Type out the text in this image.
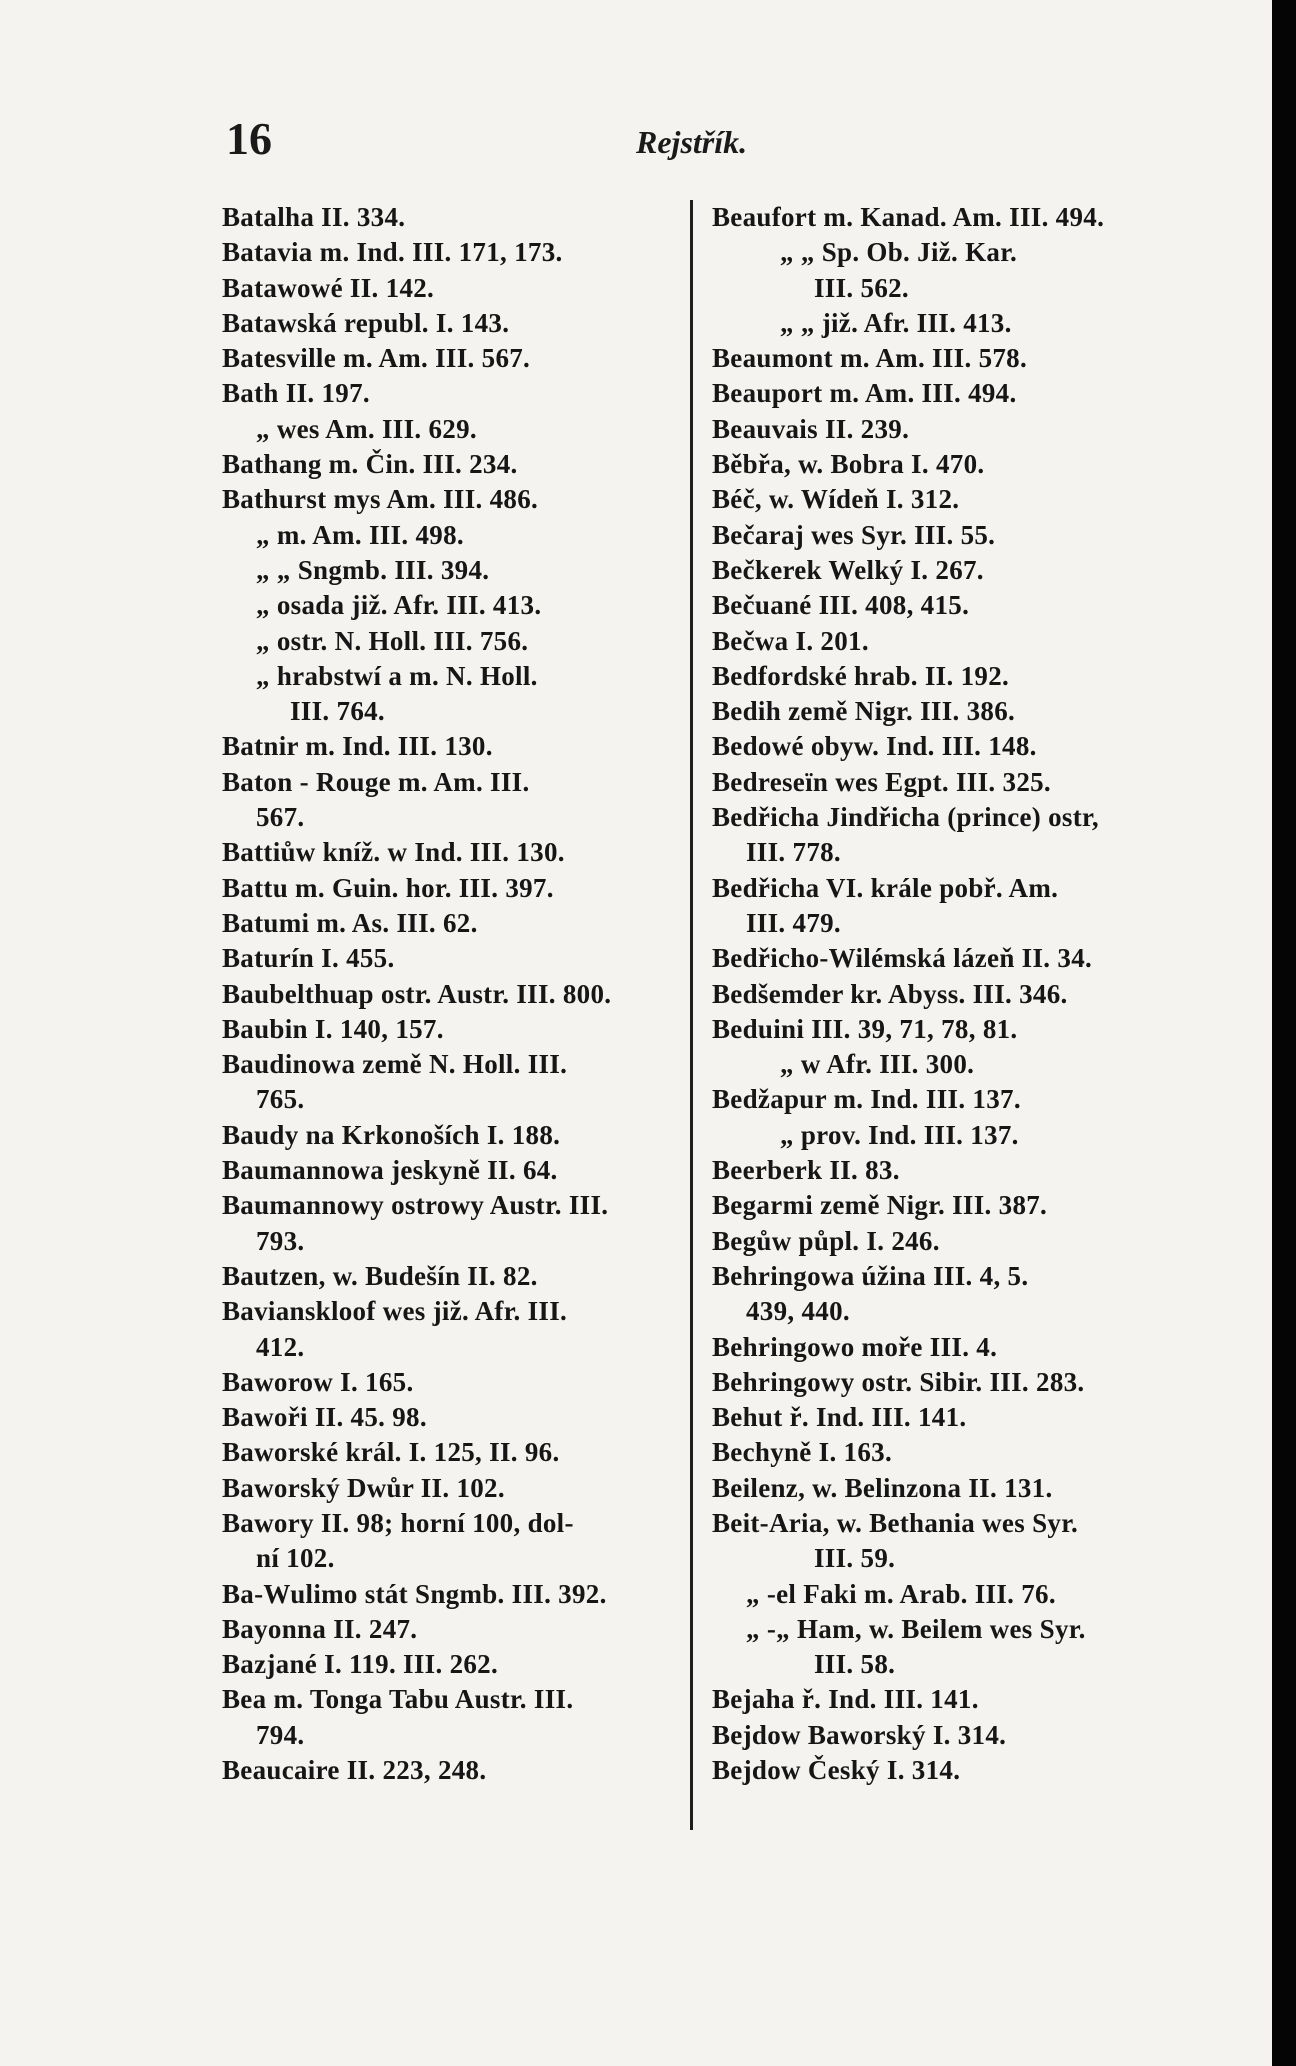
16	Rejstřík.
Batalha II. 334.
Batavia m. Ind. III. 171, 173.
Batawowé II. 142.
Batawská republ. I. 143.
Batesville m. Am. III. 567.
Bath II. 197.
„ wes Am. III. 629.
Bathang m. Čin. III. 234.
Bathurst mys Am. III. 486.
„ m. Am. III. 498.
„ „ Sngmb. III. 394.
„ osada již. Afr. III. 413.
„ ostr. N. Holl. III. 756.
„ hrabstwí a m. N. Holl.
III. 764.
Batnir m. Ind. III. 130.
Baton - Rouge m. Am. III.
567.
Battiůw kníž. w Ind. III. 130.
Battu m. Guin. hor. III. 397.
Batumi m. As. III. 62.
Baturín I. 455.
Baubelthuap ostr. Austr. III. 800.
Baubin I. 140, 157.
Baudinowa země N. Holl. III.
765.
Baudy na Krkonoších I. 188.
Baumannowa jeskyně II. 64.
Baumannowy ostrowy Austr. III.
793.
Bautzen, w. Budešín II. 82.
Bavianskloof wes již. Afr. III.
412.
Baworow I. 165.
Bawoři II. 45. 98.
Baworské král. I. 125, II. 96.
Baworský Dwůr II. 102.
Bawory II. 98; horní 100, dol-
ní 102.
Ba-Wulimo stát Sngmb. III. 392.
Bayonna II. 247.
Bazjané I. 119. III. 262.
Bea m. Tonga Tabu Austr. III.
794.
Beaucaire II. 223, 248.
Beaufort m. Kanad. Am. III. 494.
„ „ Sp. Ob. Již. Kar.
III. 562.
„ „ již. Afr. III. 413.
Beaumont m. Am. III. 578.
Beauport m. Am. III. 494.
Beauvais II. 239.
Běbřa, w. Bobra I. 470.
Béč, w. Wídeň I. 312.
Bečaraj wes Syr. III. 55.
Bečkerek Welký I. 267.
Bečuané III. 408, 415.
Bečwa I. 201.
Bedfordské hrab. II. 192.
Bedih země Nigr. III. 386.
Bedowé obyw. Ind. III. 148.
Bedreseïn wes Egpt. III. 325.
Bedřicha Jindřicha (prince) ostr,
III. 778.
Bedřicha VI. krále pobř. Am.
III. 479.
Bedřicho-Wilémská lázeň II. 34.
Bedšemder kr. Abyss. III. 346.
Beduini III. 39, 71, 78, 81.
„ w Afr. III. 300.
Bedžapur m. Ind. III. 137.
„ prov. Ind. III. 137.
Beerberk II. 83.
Begarmi země Nigr. III. 387.
Begůw půpl. I. 246.
Behringowa úžina III. 4, 5.
439, 440.
Behringowo moře III. 4.
Behringowy ostr. Sibir. III. 283.
Behut ř. Ind. III. 141.
Bechyně I. 163.
Beilenz, w. Belinzona II. 131.
Beit-Aria, w. Bethania wes Syr.
III. 59.
„ -el Faki m. Arab. III. 76.
„ -„ Ham, w. Beilem wes Syr.
III. 58.
Bejaha ř. Ind. III. 141.
Bejdow Baworský I. 314.
Bejdow Český I. 314.
